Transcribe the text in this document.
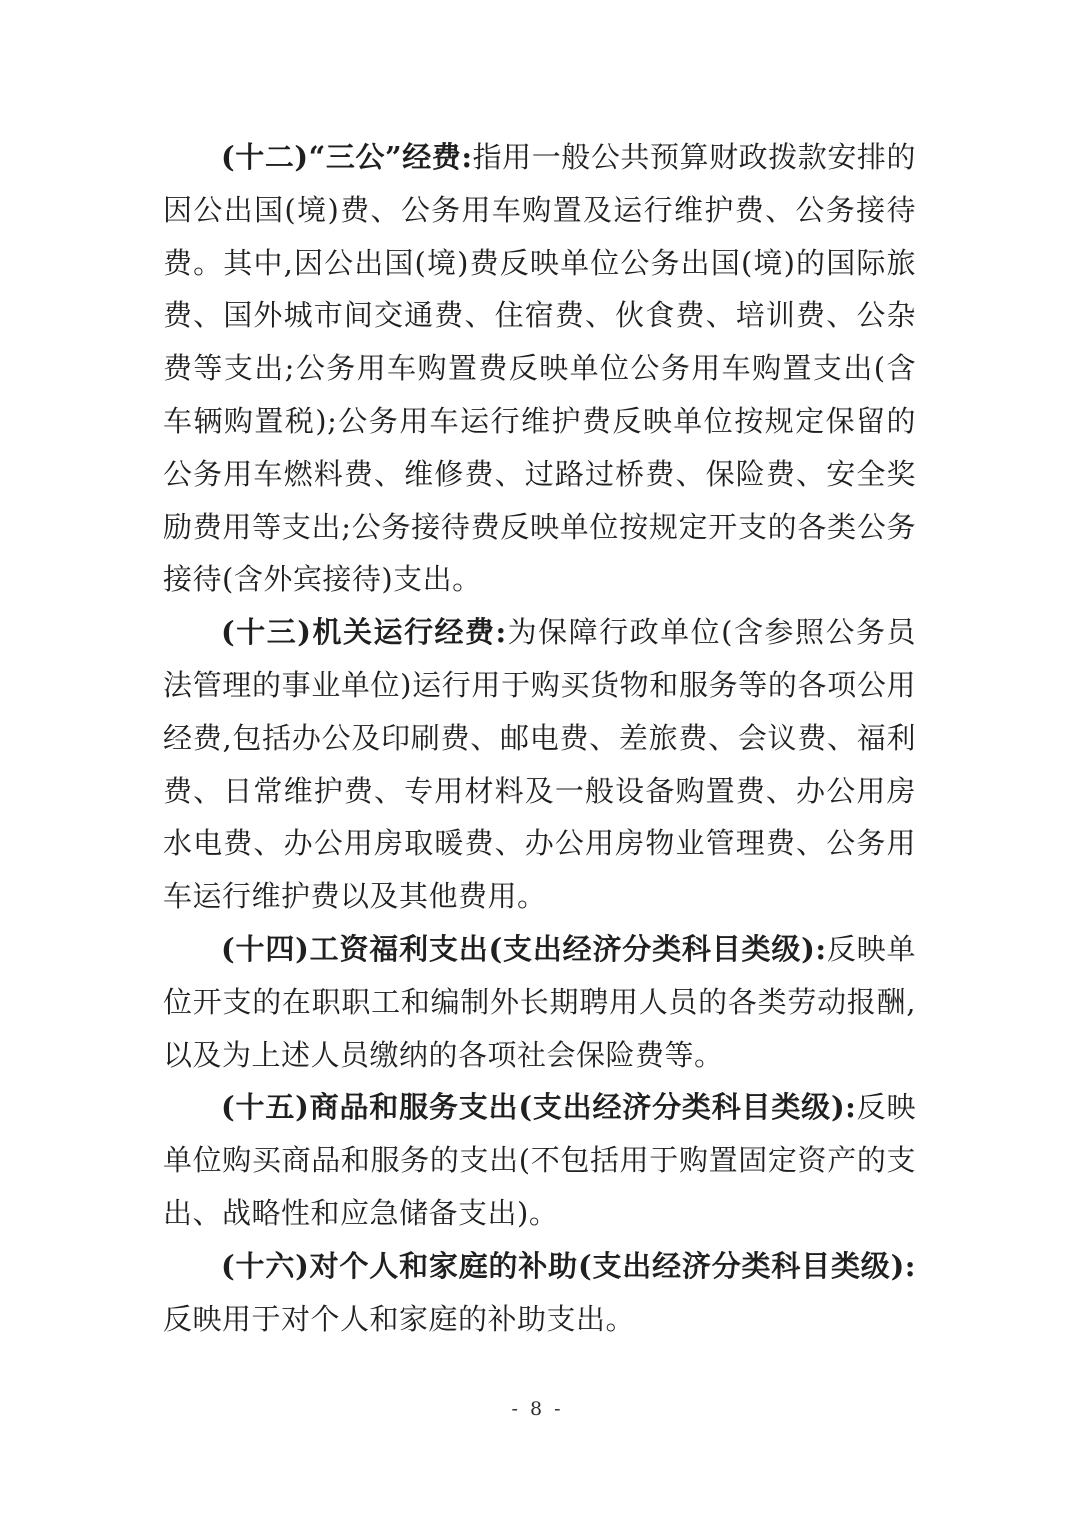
(十二)“三公”经费:指用一般公共预算财政拨款安排的因公出国(境)费、公务用车购置及运行维护费、公务接待费。其中,因公出国(境)费反映单位公务出国(境)的国际旅费、国外城市间交通费、住宿费、伙食费、培训费、公杂费等支出;公务用车购置费反映单位公务用车购置支出(含车辆购置税);公务用车运行维护费反映单位按规定保留的公务用车燃料费、维修费、过路过桥费、保险费、安全奖励费用等支出;公务接待费反映单位按规定开支的各类公务接待(含外宾接待)支出。

(十三)机关运行经费:为保障行政单位(含参照公务员法管理的事业单位)运行用于购买货物和服务等的各项公用经费,包括办公及印刷费、邮电费、差旅费、会议费、福利费、日常维护费、专用材料及一般设备购置费、办公用房水电费、办公用房取暖费、办公用房物业管理费、公务用车运行维护费以及其他费用。

(十四)工资福利支出(支出经济分类科目类级):反映单位开支的在职职工和编制外长期聘用人员的各类劳动报酬,以及为上述人员缴纳的各项社会保险费等。

(十五)商品和服务支出(支出经济分类科目类级):反映单位购买商品和服务的支出(不包括用于购置固定资产的支出、战略性和应急储备支出)。

(十六)对个人和家庭的补助(支出经济分类科目类级):反映用于对个人和家庭的补助支出。

- 8 -
